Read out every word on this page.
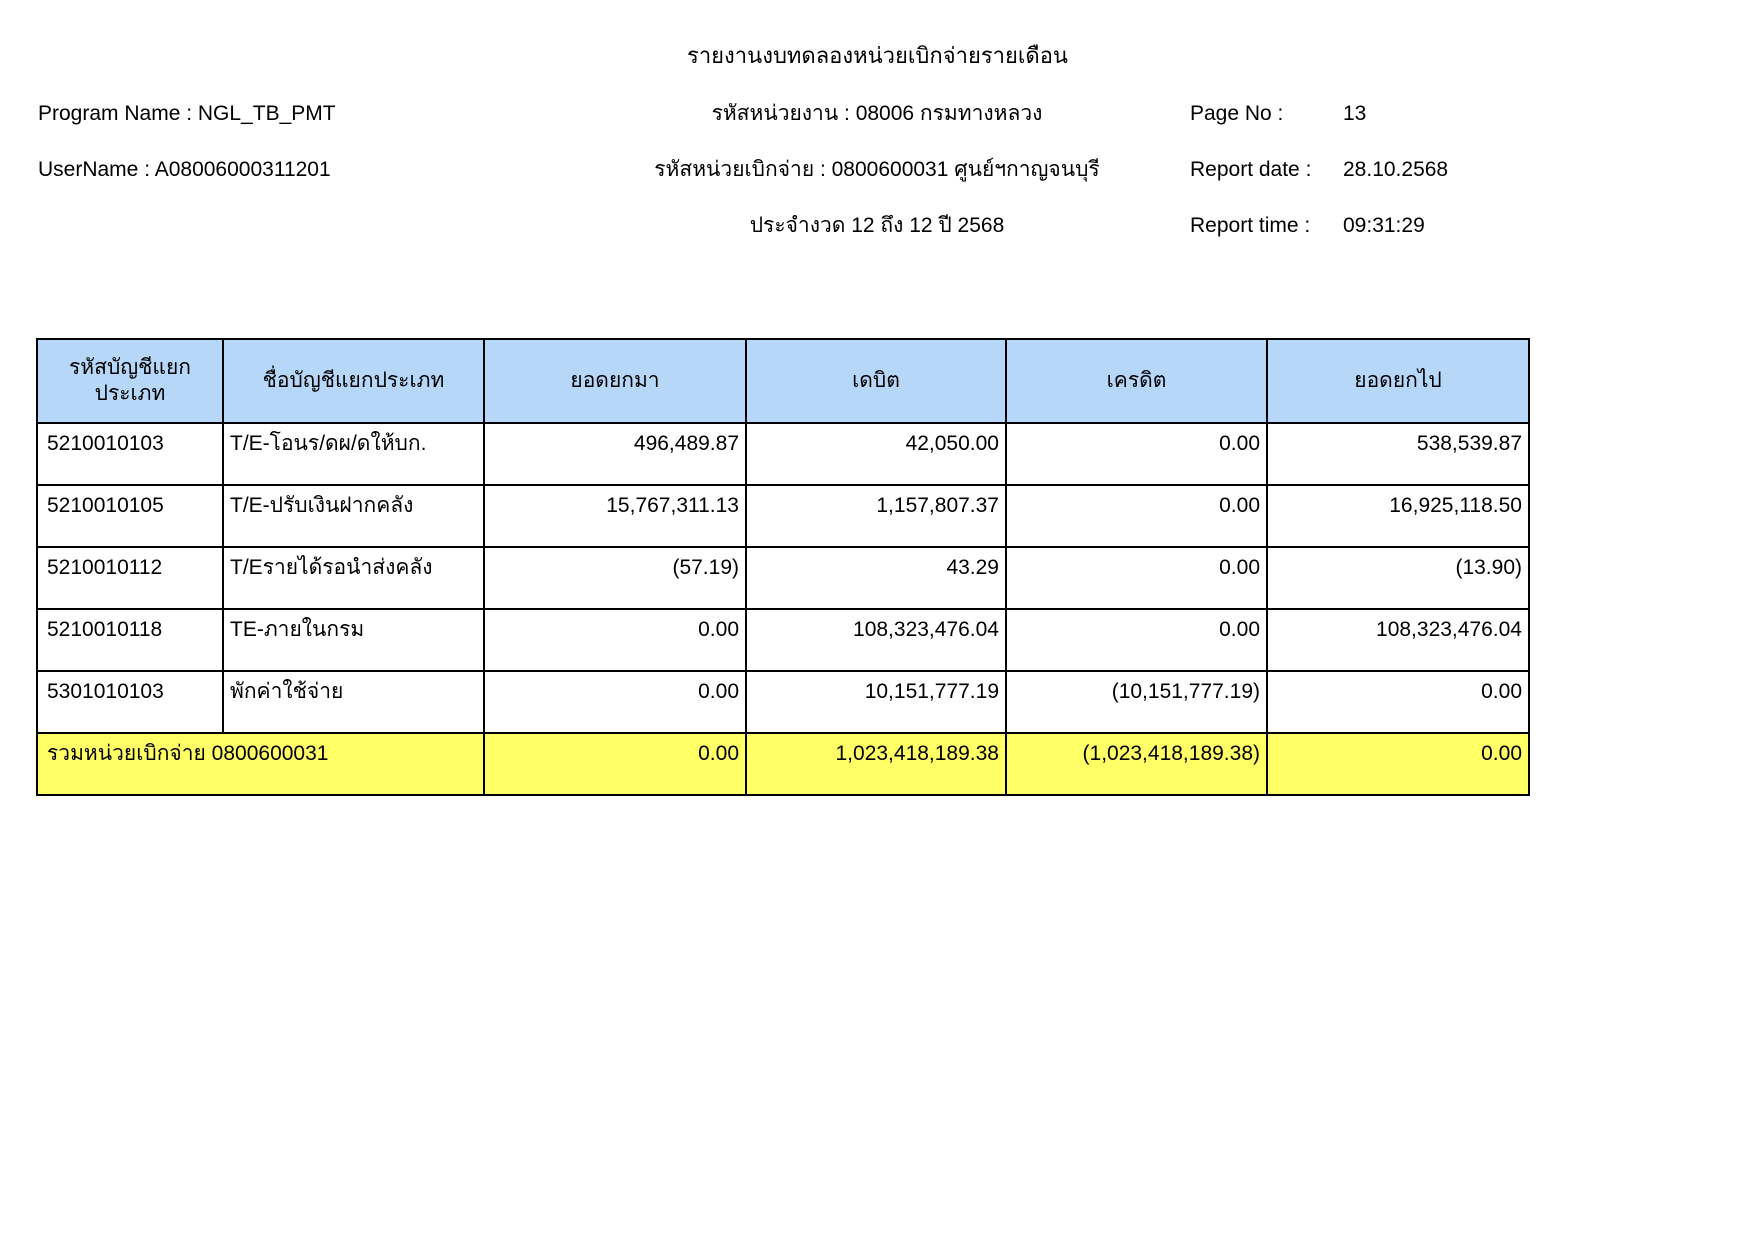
รายงานงบทดลองหน่วยเบิกจ่ายรายเดือน
Program Name : NGL_TB_PMT
UserName : A08006000311201
รหัสหน่วยงาน : 08006 กรมทางหลวง
รหัสหน่วยเบิกจ่าย : 0800600031 ศูนย์ฯกาญจนบุรี
ประจำงวด 12 ถึง 12 ปี 2568
Page No :	13
Report date : 28.10.2568
Report time : 09:31:29
รหัสบัญชีแยกประเภท	ชื่อบัญชีแยกประเภท	ยอดยกมา	เดบิต	เครดิต	ยอดยกไป
5210010103	T/E-โอนร/ดผ/ดให้บก.	496,489.87	42,050.00	0.00	538,539.87
5210010105	T/E-ปรับเงินฝากคลัง	15,767,311.13	1,157,807.37	0.00	16,925,118.50
5210010112	T/Eรายได้รอนำส่งคลัง	(57.19)	43.29	0.00	(13.90)
5210010118	TE-ภายในกรม	0.00	108,323,476.04	0.00	108,323,476.04
5301010103	พักค่าใช้จ่าย	0.00	10,151,777.19	(10,151,777.19)	0.00
รวมหน่วยเบิกจ่าย 0800600031		0.00	1,023,418,189.38	(1,023,418,189.38)	0.00
